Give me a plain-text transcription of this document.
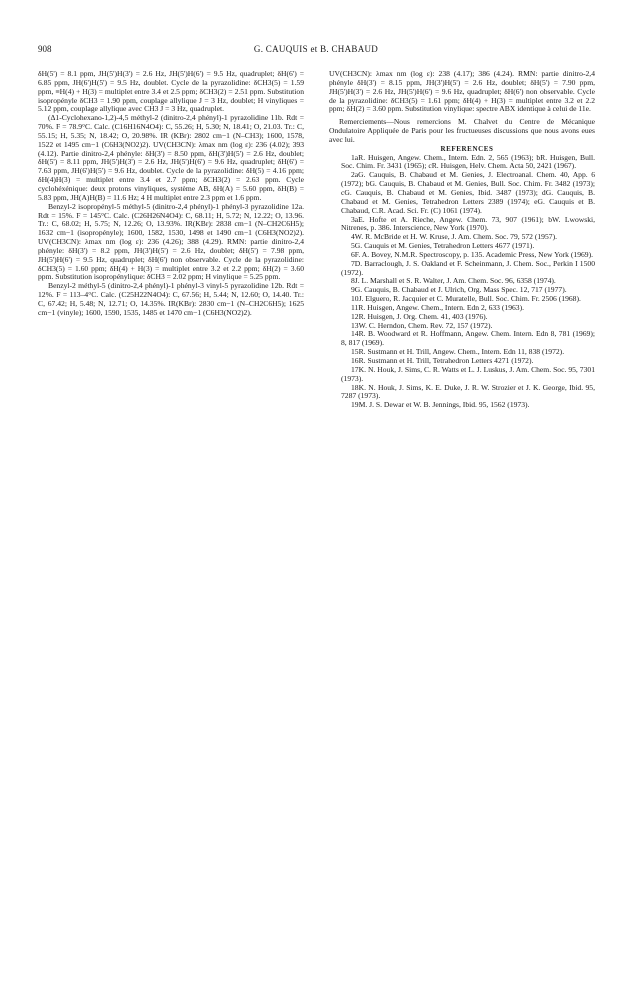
908	G. CAUQUIS et B. CHABAUD

δH(5') = 8.1 ppm, JH(5')H(3') = 2.6 Hz, JH(5')H(6') = 9.5 Hz, quadruplet; δH(6') = 6.85 ppm, JH(6')H(5') = 9.5 Hz, doublet. Cycle de la pyrazolidine: δCH3(5) = 1.59 ppm, ≡H(4) + H(3) = multiplet entre 3.4 et 2.5 ppm; δCH3(2) = 2.51 ppm. Substitution isopropényle δCH3 = 1.90 ppm, couplage allylique J = 3 Hz, doublet; H vinyliques = 5.12 ppm, couplage allylique avec CH3 J = 3 Hz, quadruplet.

(Δ1-Cyclohexano-1,2)-4,5 méthyl-2 (dinitro-2,4 phényl)-1 pyrazolidine 11b. Rdt = 70%. F = 78.9°C. Calc. (C16H16N4O4): C, 55.26; H, 5.30; N, 18.41; O, 21.03. Tr.: C, 55.15; H, 5.35; N, 18.42; O, 20.98%. IR (KBr): 2802 cm−1 (N–CH3); 1600, 1578, 1522 et 1495 cm−1 (C6H3(NO2)2). UV(CH3CN): λmax nm (log ε): 236 (4.02); 393 (4.12). Partie dinitro-2,4 phényle: δH(3') = 8.50 ppm, δH(3')H(5') = 2.6 Hz, doublet; δH(5') = 8.11 ppm, JH(5')H(3') = 2.6 Hz, JH(5')H(6') = 9.6 Hz, quadruplet; δH(6') = 7.63 ppm, JH(6')H(5') = 9.6 Hz, doublet. Cycle de la pyrazolidine: δH(5) = 4.16 ppm; δH(4)H(3) = multiplet entre 3.4 et 2.7 ppm; δCH3(2) = 2.63 ppm. Cycle cyclohéxénique: deux protons vinyliques, système AB, δH(A) = 5.60 ppm, δH(B) = 5.83 ppm, JH(A)H(B) = 11.6 Hz; 4 H multiplet entre 2.3 ppm et 1.6 ppm.

Benzyl-2 isopropényl-5 méthyl-5 (dinitro-2,4 phényl)-1 phényl-3 pyrazolidine 12a. Rdt = 15%. F = 145°C. Calc. (C26H26N4O4): C, 68.11; H, 5.72; N, 12.22; O, 13.96. Tr.: C, 68.02; H, 5.75; N, 12.26; O, 13.93%. IR(KBr): 2838 cm−1 (N–CH2C6H5); 1632 cm−1 (isopropényle); 1600, 1582, 1530, 1498 et 1490 cm−1 (C6H3(NO2)2). UV(CH3CN): λmax nm (log ε): 236 (4.26); 388 (4.29). RMN: partie dinitro-2,4 phényle: δH(3') = 8.2 ppm, JH(3')H(5') = 2.6 Hz, doublet; δH(5') = 7.98 ppm, JH(5')H(6') = 9.5 Hz, quadruplet; δH(6') non observable. Cycle de la pyrazolidine: δCH3(5) = 1.60 ppm; δH(4) + H(3) = multiplet entre 3.2 et 2.2 ppm; δH(2) = 3.60 ppm. Substitution isopropénylique: δCH3 = 2.02 ppm; H vinylique = 5.25 ppm.

Benzyl-2 méthyl-5 (dinitro-2,4 phényl)-1 phényl-3 vinyl-5 pyrazolidine 12b. Rdt = 12%. F = 113–4°C. Calc. (C25H22N4O4): C, 67.56; H, 5.44; N, 12.60; O, 14.40. Tr.: C, 67.42; H, 5.48; N, 12.71; O, 14.35%. IR(KBr): 2830 cm−1 (N–CH2C6H5); 1625 cm−1 (vinyle); 1600, 1590, 1535, 1485 et 1470 cm−1 (C6H3(NO2)2).

UV(CH3CN): λmax nm (log ε): 238 (4.17); 386 (4.24). RMN: partie dinitro-2,4 phényle δH(3') = 8.15 ppm, JH(3')H(5') = 2.6 Hz, doublet; δH(5') = 7.90 ppm, JH(5')H(3') = 2.6 Hz, JH(5')H(6') = 9.6 Hz, quadruplet; δH(6') non observable. Cycle de la pyrazolidine: δCH3(5) = 1.61 ppm; δH(4) + H(3) = multiplet entre 3.2 et 2.2 ppm; δH(2) = 3.60 ppm. Substitution vinylique: spectre ABX identique à celui de 11e.

Remerciements—Nous remercions M. Chalvet du Centre de Mécanique Ondulatoire Appliquée de Paris pour les fructueuses discussions que nous avons eues avec lui.

REFERENCES

1aR. Huisgen, Angew. Chem., Intern. Edn. 2, 565 (1963); bR. Huisgen, Bull. Soc. Chim. Fr. 3431 (1965); cR. Huisgen, Helv. Chem. Acta 50, 2421 (1967).

2aG. Cauquis, B. Chabaud et M. Genies, J. Electroanal. Chem. 40, App. 6 (1972); bG. Cauquis, B. Chabaud et M. Genies, Bull. Soc. Chim. Fr. 3482 (1973); cG. Cauquis, B. Chabaud et M. Genies, Ibid. 3487 (1973); dG. Cauquis, B. Chabaud et M. Genies, Tetrahedron Letters 2389 (1974); eG. Cauquis et B. Chabaud, C.R. Acad. Sci. Fr. (C) 1061 (1974).

3aE. Hofte et A. Rieche, Angew. Chem. 73, 907 (1961); bW. Lwowski, Nitrenes, p. 386. Interscience, New York (1970).

4W. R. McBride et H. W. Kruse, J. Am. Chem. Soc. 79, 572 (1957).

5G. Cauquis et M. Genies, Tetrahedron Letters 4677 (1971).

6F. A. Bovey, N.M.R. Spectroscopy, p. 135. Academic Press, New York (1969).

7D. Barraclough, J. S. Oakland et F. Scheinmann, J. Chem. Soc., Perkin I 1500 (1972).

8J. L. Marshall et S. R. Walter, J. Am. Chem. Soc. 96, 6358 (1974).

9G. Cauquis, B. Chabaud et J. Ulrich, Org. Mass Spec. 12, 717 (1977).

10J. Elguero, R. Jacquier et C. Muratelle, Bull. Soc. Chim. Fr. 2506 (1968).

11R. Huisgen, Angew. Chem., Intern. Edn 2, 633 (1963).

12R. Huisgen, J. Org. Chem. 41, 403 (1976).

13W. C. Herndon, Chem. Rev. 72, 157 (1972).

14R. B. Woodward et R. Hoffmann, Angew. Chem. Intern. Edn 8, 781 (1969); 8, 817 (1969).

15R. Sustmann et H. Trill, Angew. Chem., Intern. Edn 11, 838 (1972).

16R. Sustmann et H. Trill, Tetrahedron Letters 4271 (1972).

17K. N. Houk, J. Sims, C. R. Watts et L. J. Luskus, J. Am. Chem. Soc. 95, 7301 (1973).

18K. N. Houk, J. Sims, K. E. Duke, J. R. W. Strozier et J. K. George, Ibid. 95, 7287 (1973).

19M. J. S. Dewar et W. B. Jennings, Ibid. 95, 1562 (1973).
